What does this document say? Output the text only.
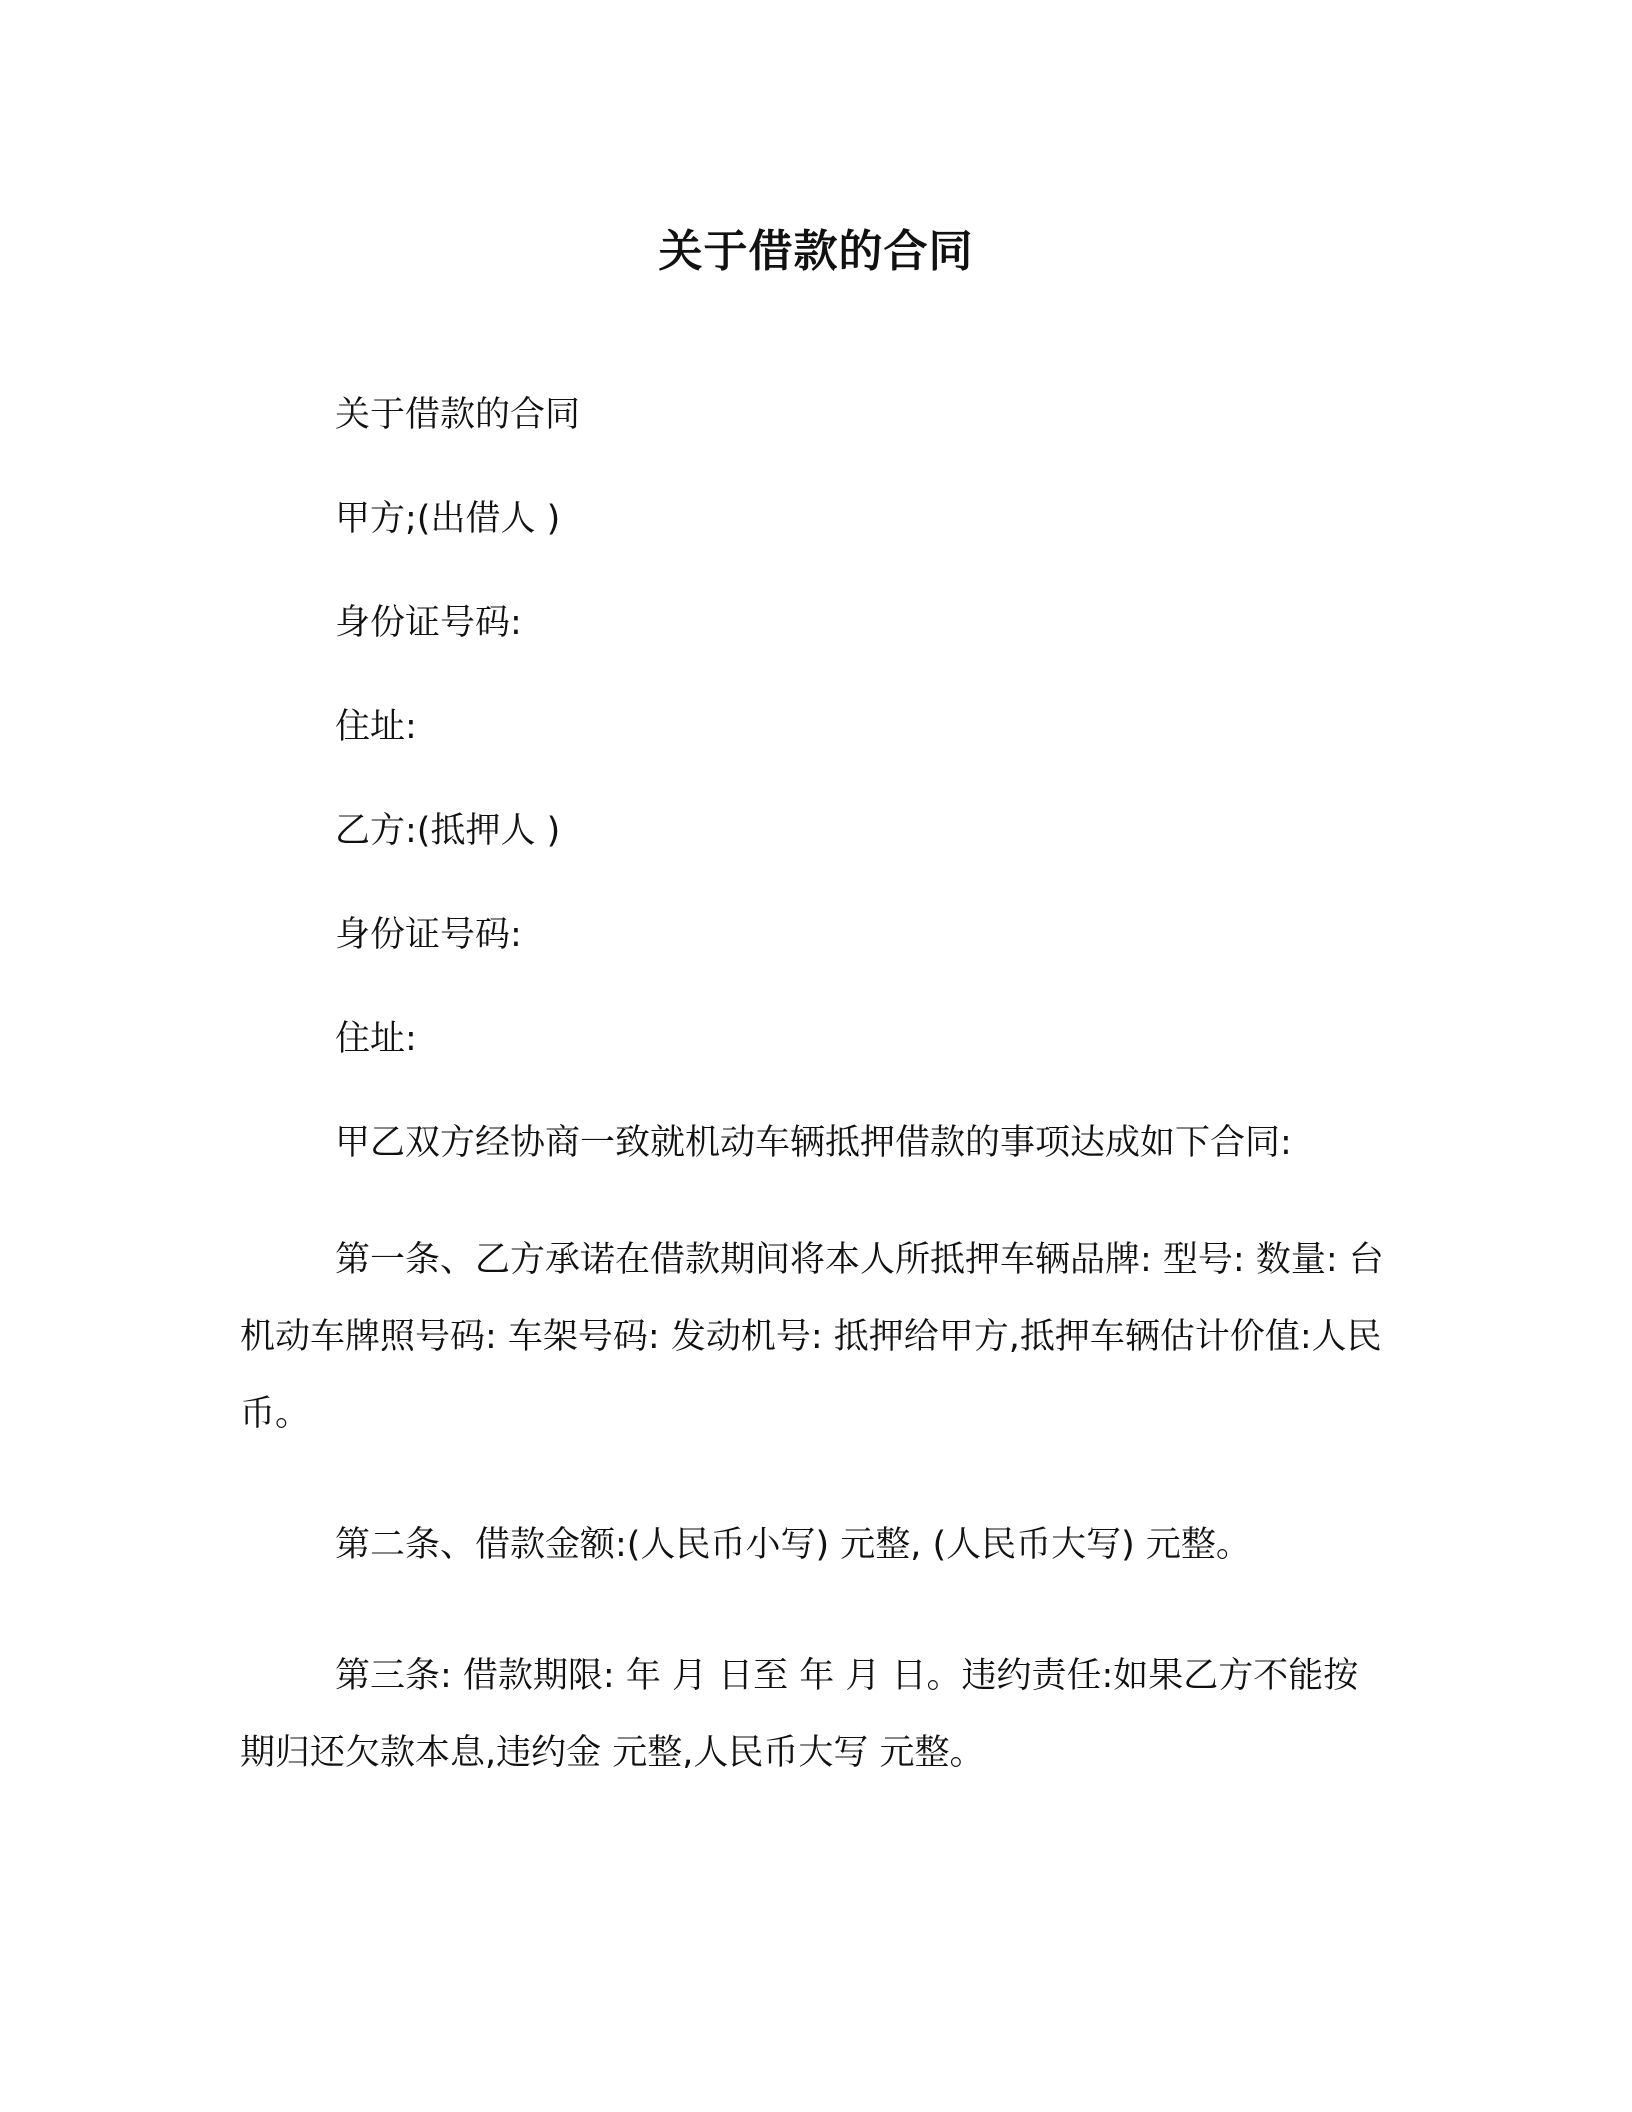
关于借款的合同

关于借款的合同

甲方;(出借人 )

身份证号码:

住址:

乙方:(抵押人 )

身份证号码:

住址:

甲乙双方经协商一致就机动车辆抵押借款的事项达成如下合同:

第一条、乙方承诺在借款期间将本人所抵押车辆品牌: 型号: 数量: 台机动车牌照号码: 车架号码: 发动机号: 抵押给甲方,抵押车辆估计价值:人民币。

第二条、借款金额:(人民币小写) 元整, (人民币大写) 元整。

第三条: 借款期限: 年 月 日至 年 月 日。违约责任:如果乙方不能按期归还欠款本息,违约金 元整,人民币大写 元整。
